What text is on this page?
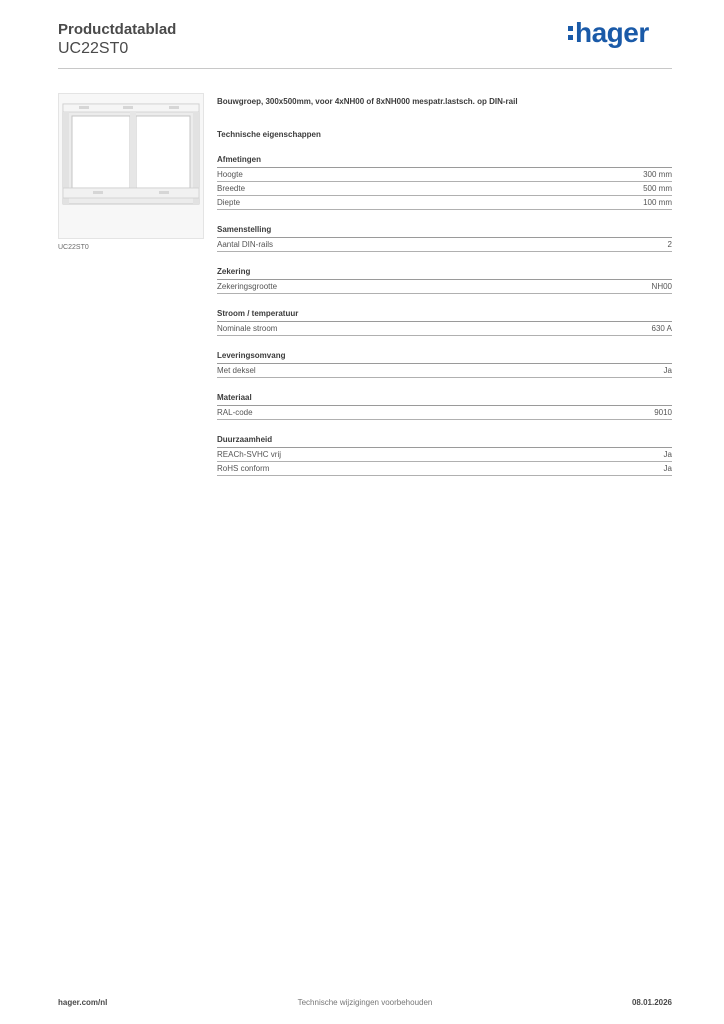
Productdatablad
UC22ST0
hager
UC22ST0
Bouwgroep, 300x500mm, voor 4xNH00 of 8xNH000 mespatr.lastsch. op DIN-rail
Technische eigenschappen
Afmetingen
Hoogte	300 mm
Breedte	500 mm
Diepte	100 mm
Samenstelling
Aantal DIN-rails	2
Zekering
Zekeringsgrootte	NH00
Stroom / temperatuur
Nominale stroom	630 A
Leveringsomvang
Met deksel	Ja
Materiaal
RAL-code	9010
Duurzaamheid
REACh-SVHC vrij	Ja
RoHS conform	Ja
hager.com/nl	Technische wijzigingen voorbehouden	08.01.2026
